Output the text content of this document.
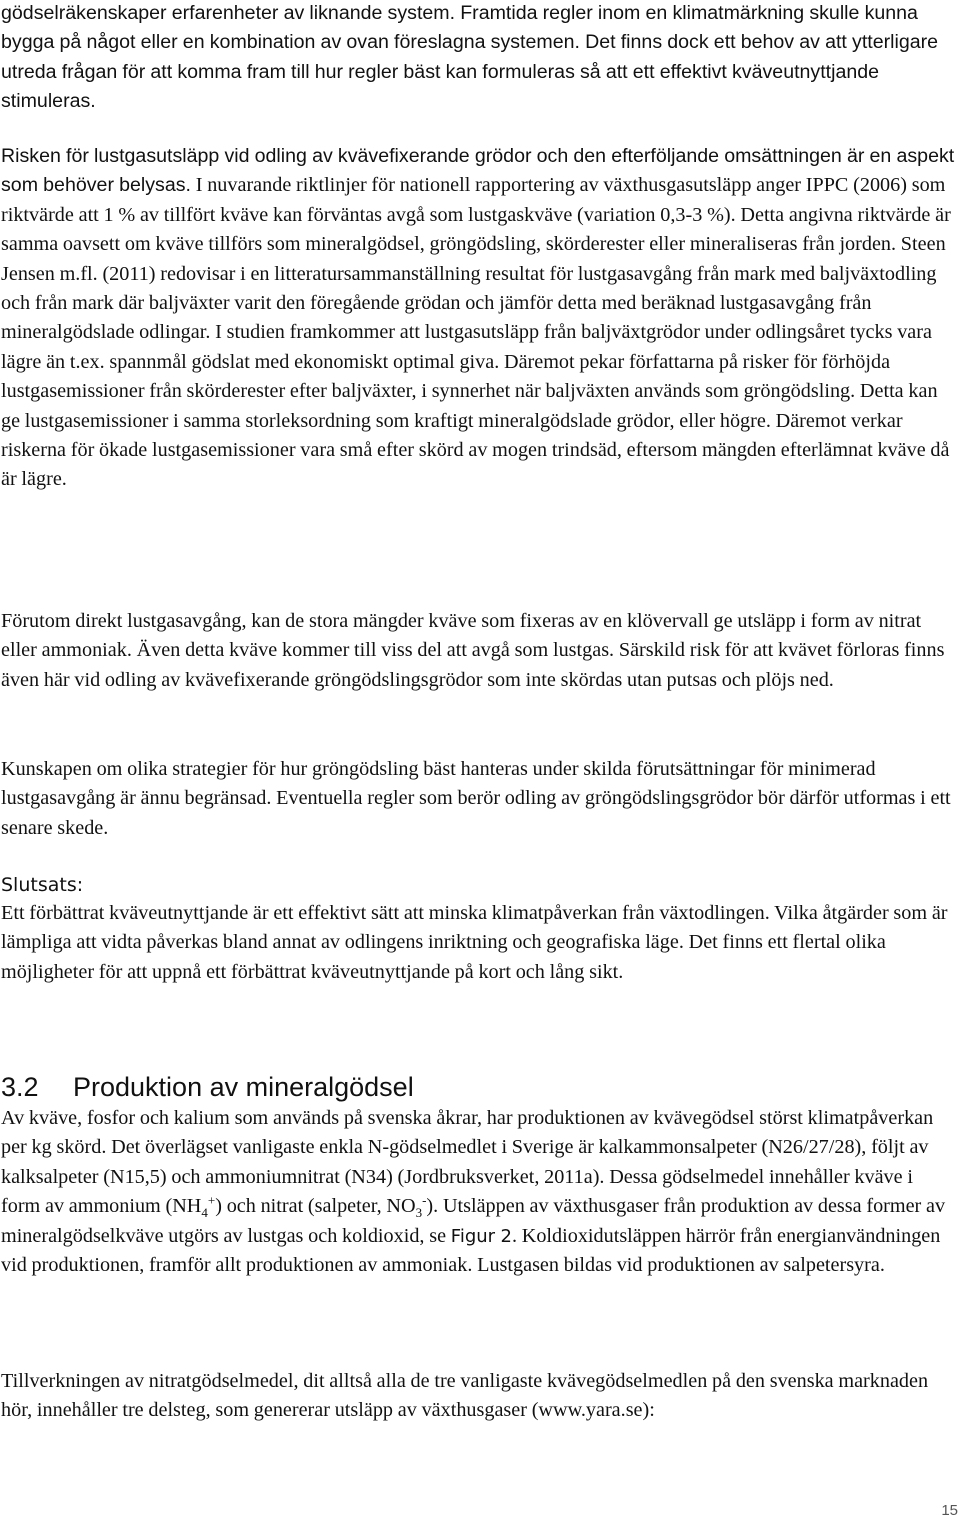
gödselräkenskaper erfarenheter av liknande system. Framtida regler inom en klimatmärkning skulle kunna bygga på något eller en kombination av ovan föreslagna systemen. Det finns dock ett behov av att ytterligare utreda frågan för att komma fram till hur regler bäst kan formuleras så att ett effektivt kväveutnyttjande stimuleras.

Risken för lustgasutsläpp vid odling av kvävefixerande grödor och den efterföljande omsättningen är en aspekt som behöver belysas. I nuvarande riktlinjer för nationell rapportering av växthusgasutsläpp anger IPPC (2006) som riktvärde att 1 % av tillfört kväve kan förväntas avgå som lustgaskväve (variation 0,3-3 %). Detta angivna riktvärde är samma oavsett om kväve tillförs som mineralgödsel, gröngödsling, skörderester eller mineraliseras från jorden. Steen Jensen m.fl. (2011) redovisar i en litteratursammanställning resultat för lustgasavgång från mark med baljväxtodling och från mark där baljväxter varit den föregående grödan och jämför detta med beräknad lustgasavgång från mineralgödslade odlingar. I studien framkommer att lustgasutsläpp från baljväxtgrödor under odlingsåret tycks vara lägre än t.ex. spannmål gödslat med ekonomiskt optimal giva. Däremot pekar författarna på risker för förhöjda lustgasemissioner från skörderester efter baljväxter, i synnerhet när baljväxten används som gröngödsling. Detta kan ge lustgasemissioner i samma storleksordning som kraftigt mineralgödslade grödor, eller högre. Däremot verkar riskerna för ökade lustgasemissioner vara små efter skörd av mogen trindsäd, eftersom mängden efterlämnat kväve då är lägre.

Förutom direkt lustgasavgång, kan de stora mängder kväve som fixeras av en klövervall ge utsläpp i form av nitrat eller ammoniak. Även detta kväve kommer till viss del att avgå som lustgas. Särskild risk för att kvävet förloras finns även här vid odling av kvävefixerande gröngödslingsgrödor som inte skördas utan putsas och plöjs ned.

Kunskapen om olika strategier för hur gröngödsling bäst hanteras under skilda förutsättningar för minimerad lustgasavgång är ännu begränsad. Eventuella regler som berör odling av gröngödslingsgrödor bör därför utformas i ett senare skede.

Slutsats:

Ett förbättrat kväveutnyttjande är ett effektivt sätt att minska klimatpåverkan från växtodlingen. Vilka åtgärder som är lämpliga att vidta påverkas bland annat av odlingens inriktning och geografiska läge. Det finns ett flertal olika möjligheter för att uppnå ett förbättrat kväveutnyttjande på kort och lång sikt.

3.2 Produktion av mineralgödsel

Av kväve, fosfor och kalium som används på svenska åkrar, har produktionen av kvävegödsel störst klimatpåverkan per kg skörd. Det överlägset vanligaste enkla N-gödselmedlet i Sverige är kalkammonsalpeter (N26/27/28), följt av kalksalpeter (N15,5) och ammoniumnitrat (N34) (Jordbruksverket, 2011a). Dessa gödselmedel innehåller kväve i form av ammonium $(NH_4^+)$ och nitrat (salpeter, $NO_3^-$). Utsläppen av växthusgaser från produktion av dessa former av mineralgödselkväve utgörs av lustgas och koldioxid, se Figur 2. Koldioxidutsläppen härrör från energianvändningen vid produktionen, framför allt produktionen av ammoniak. Lustgasen bildas vid produktionen av salpetersyra.

Tillverkningen av nitratgödselmedel, dit alltså alla de tre vanligaste kvävegödselmedlen på den svenska marknaden hör, innehåller tre delsteg, som genererar utsläpp av växthusgaser (www.yara.se):

15
